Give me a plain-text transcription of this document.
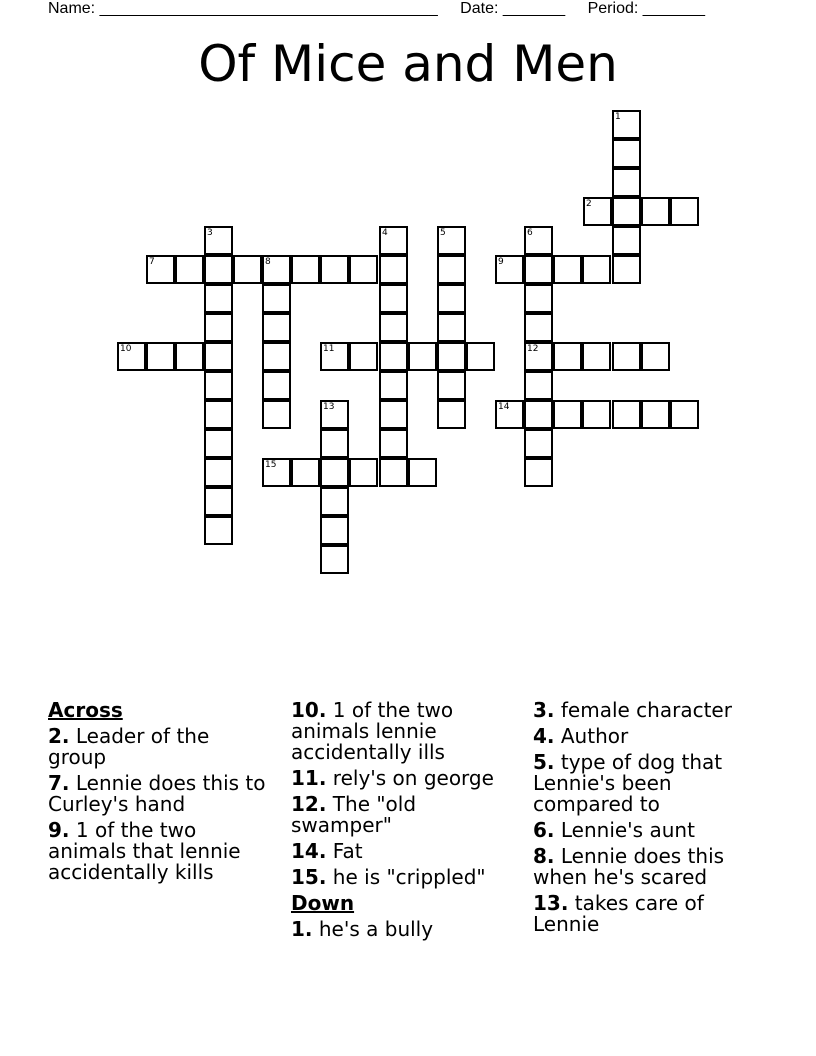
Name: ______________________________________ Date: _______ Period: _______
Of Mice and Men
1
2
3	4	5	6
7	8	9
10	11	12
13	14
15
Across
2. Leader of the group
7. Lennie does this to Curley's hand
9. 1 of the two animals that lennie accidentally kills
10. 1 of the two animals lennie accidentally ills
11. rely's on george
12. The "old swamper"
14. Fat
15. he is "crippled"
Down
1. he's a bully
3. female character
4. Author
5. type of dog that Lennie's been compared to
6. Lennie's aunt
8. Lennie does this when he's scared
13. takes care of Lennie
